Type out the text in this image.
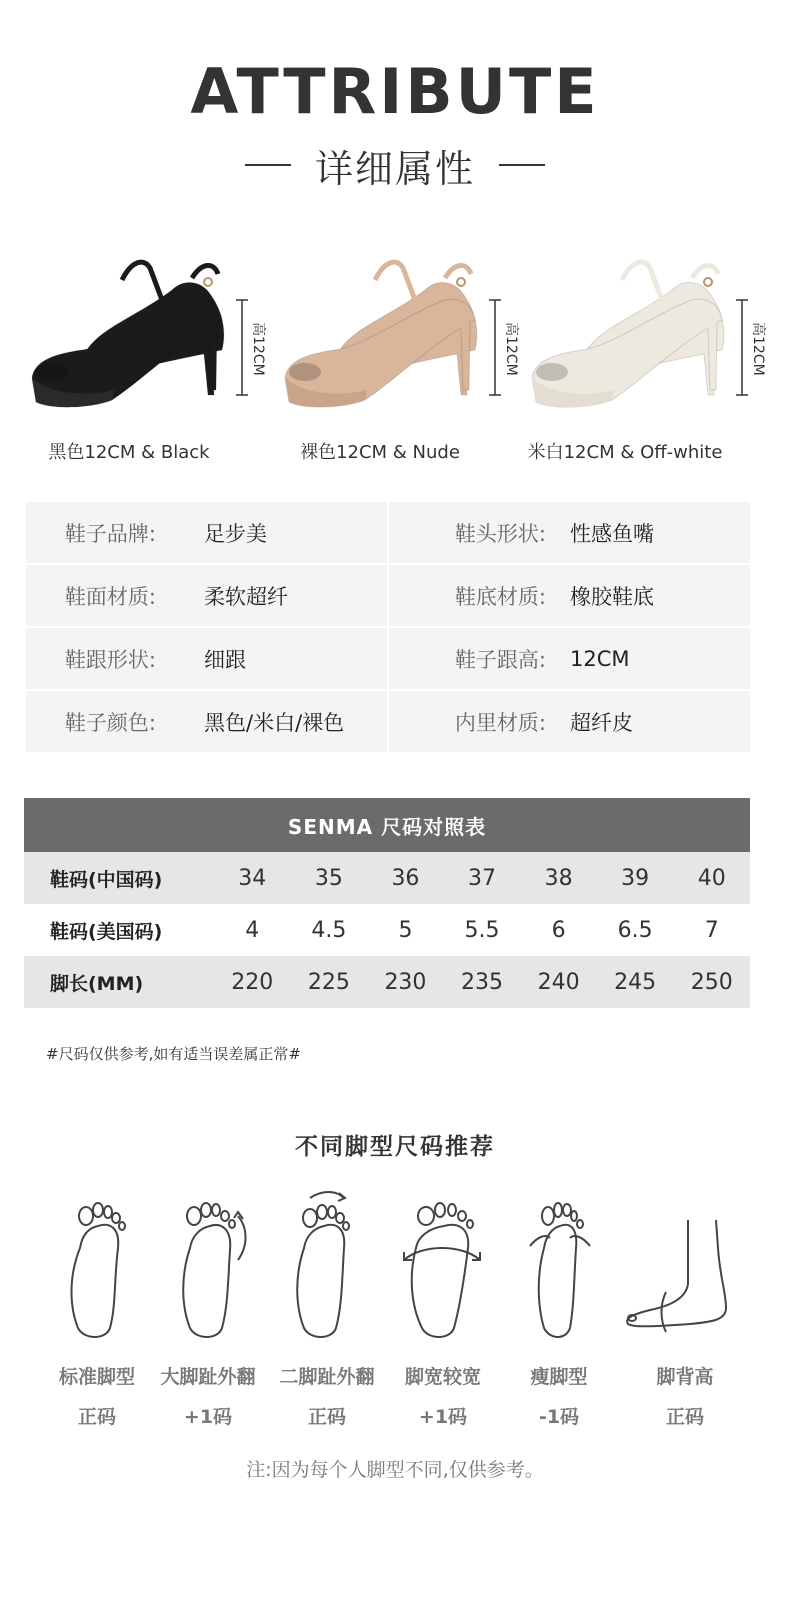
ATTRIBUTE
详细属性
高12CM	高12CM	高12CM
黑色12CM & Black	裸色12CM & Nude	米白12CM & Off-white
鞋子品牌: 足步美	鞋头形状: 性感鱼嘴
鞋面材质: 柔软超纤	鞋底材质: 橡胶鞋底
鞋跟形状: 细跟	鞋子跟高: 12CM
鞋子颜色: 黑色/米白/裸色	内里材质: 超纤皮
SENMA 尺码对照表
鞋码(中国码)	34	35	36	37	38	39	40
鞋码(美国码)	4	4.5	5	5.5	6	6.5	7
脚长(MM)	220	225	230	235	240	245	250
#尺码仅供参考,如有适当误差属正常#
不同脚型尺码推荐
标准脚型	大脚趾外翻	二脚趾外翻	脚宽较宽	瘦脚型	脚背高
正码	+1码	正码	+1码	-1码	正码
注:因为每个人脚型不同,仅供参考。
